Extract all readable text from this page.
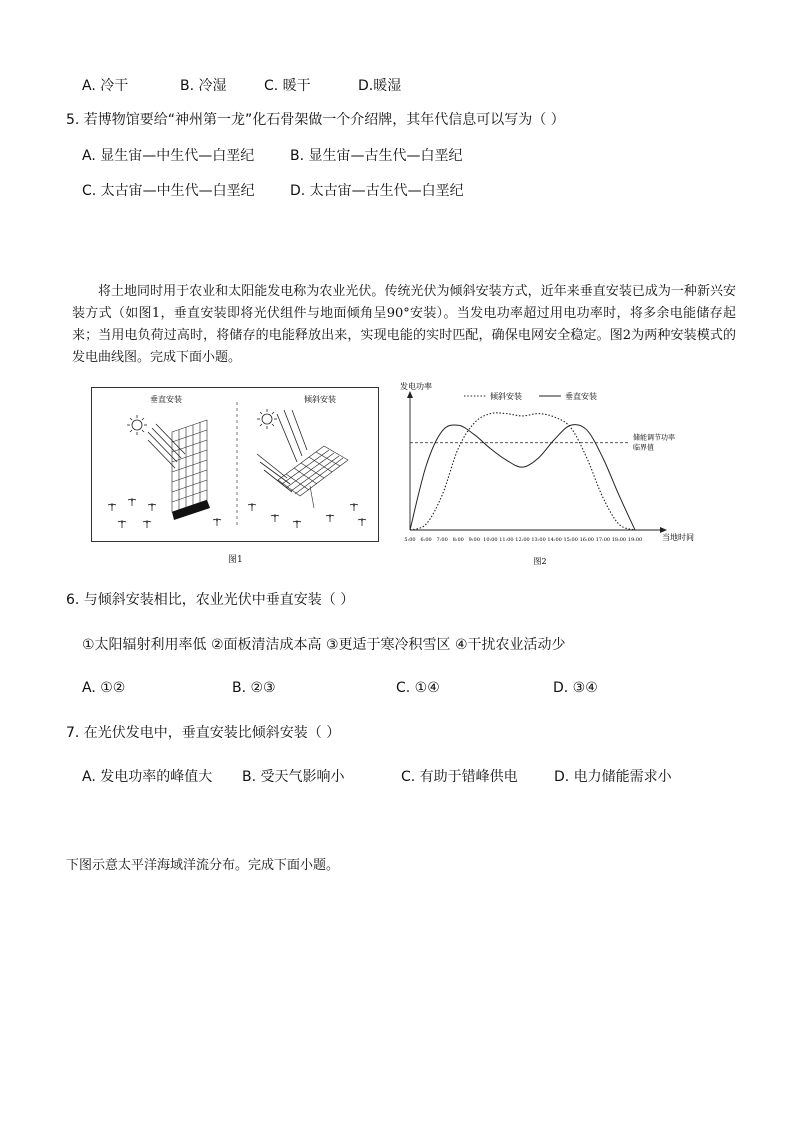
A. 冷干	B. 冷湿	C. 暖干	D.暖湿
5. 若博物馆要给“神州第一龙”化石骨架做一个介绍牌，其年代信息可以写为（ ）
A. 显生宙—中生代—白垩纪	B. 显生宙—古生代—白垩纪
C. 太古宙—中生代—白垩纪	D. 太古宙—古生代—白垩纪
将土地同时用于农业和太阳能发电称为农业光伏。传统光伏为倾斜安装方式，近年来垂直安装已成为一种新兴安装方式（如图1，垂直安装即将光伏组件与地面倾角呈90°安装）。当发电功率超过用电功率时，将多余电能储存起来；当用电负荷过高时，将储存的电能释放出来，实现电能的实时匹配，确保电网安全稳定。图2为两种安装模式的发电曲线图。完成下面小题。
垂直安装	倾斜安装
图1
发电功率
当地时间
5:00 6:00 7:00 8:00 9:00 10:00 11:00 12:00 13:00 14:00 15:00 16:00 17:00 18:00 19:00
储能调节功率
临界值
倾斜安装	垂直安装
图2
6. 与倾斜安装相比，农业光伏中垂直安装（ ）
①太阳辐射利用率低 ②面板清洁成本高 ③更适于寒冷积雪区 ④干扰农业活动少
A. ①②	B. ②③	C. ①④	D. ③④
7. 在光伏发电中，垂直安装比倾斜安装（ ）
A. 发电功率的峰值大 B. 受天气影响小	C. 有助于错峰供电	D. 电力储能需求小
下图示意太平洋海域洋流分布。完成下面小题。
